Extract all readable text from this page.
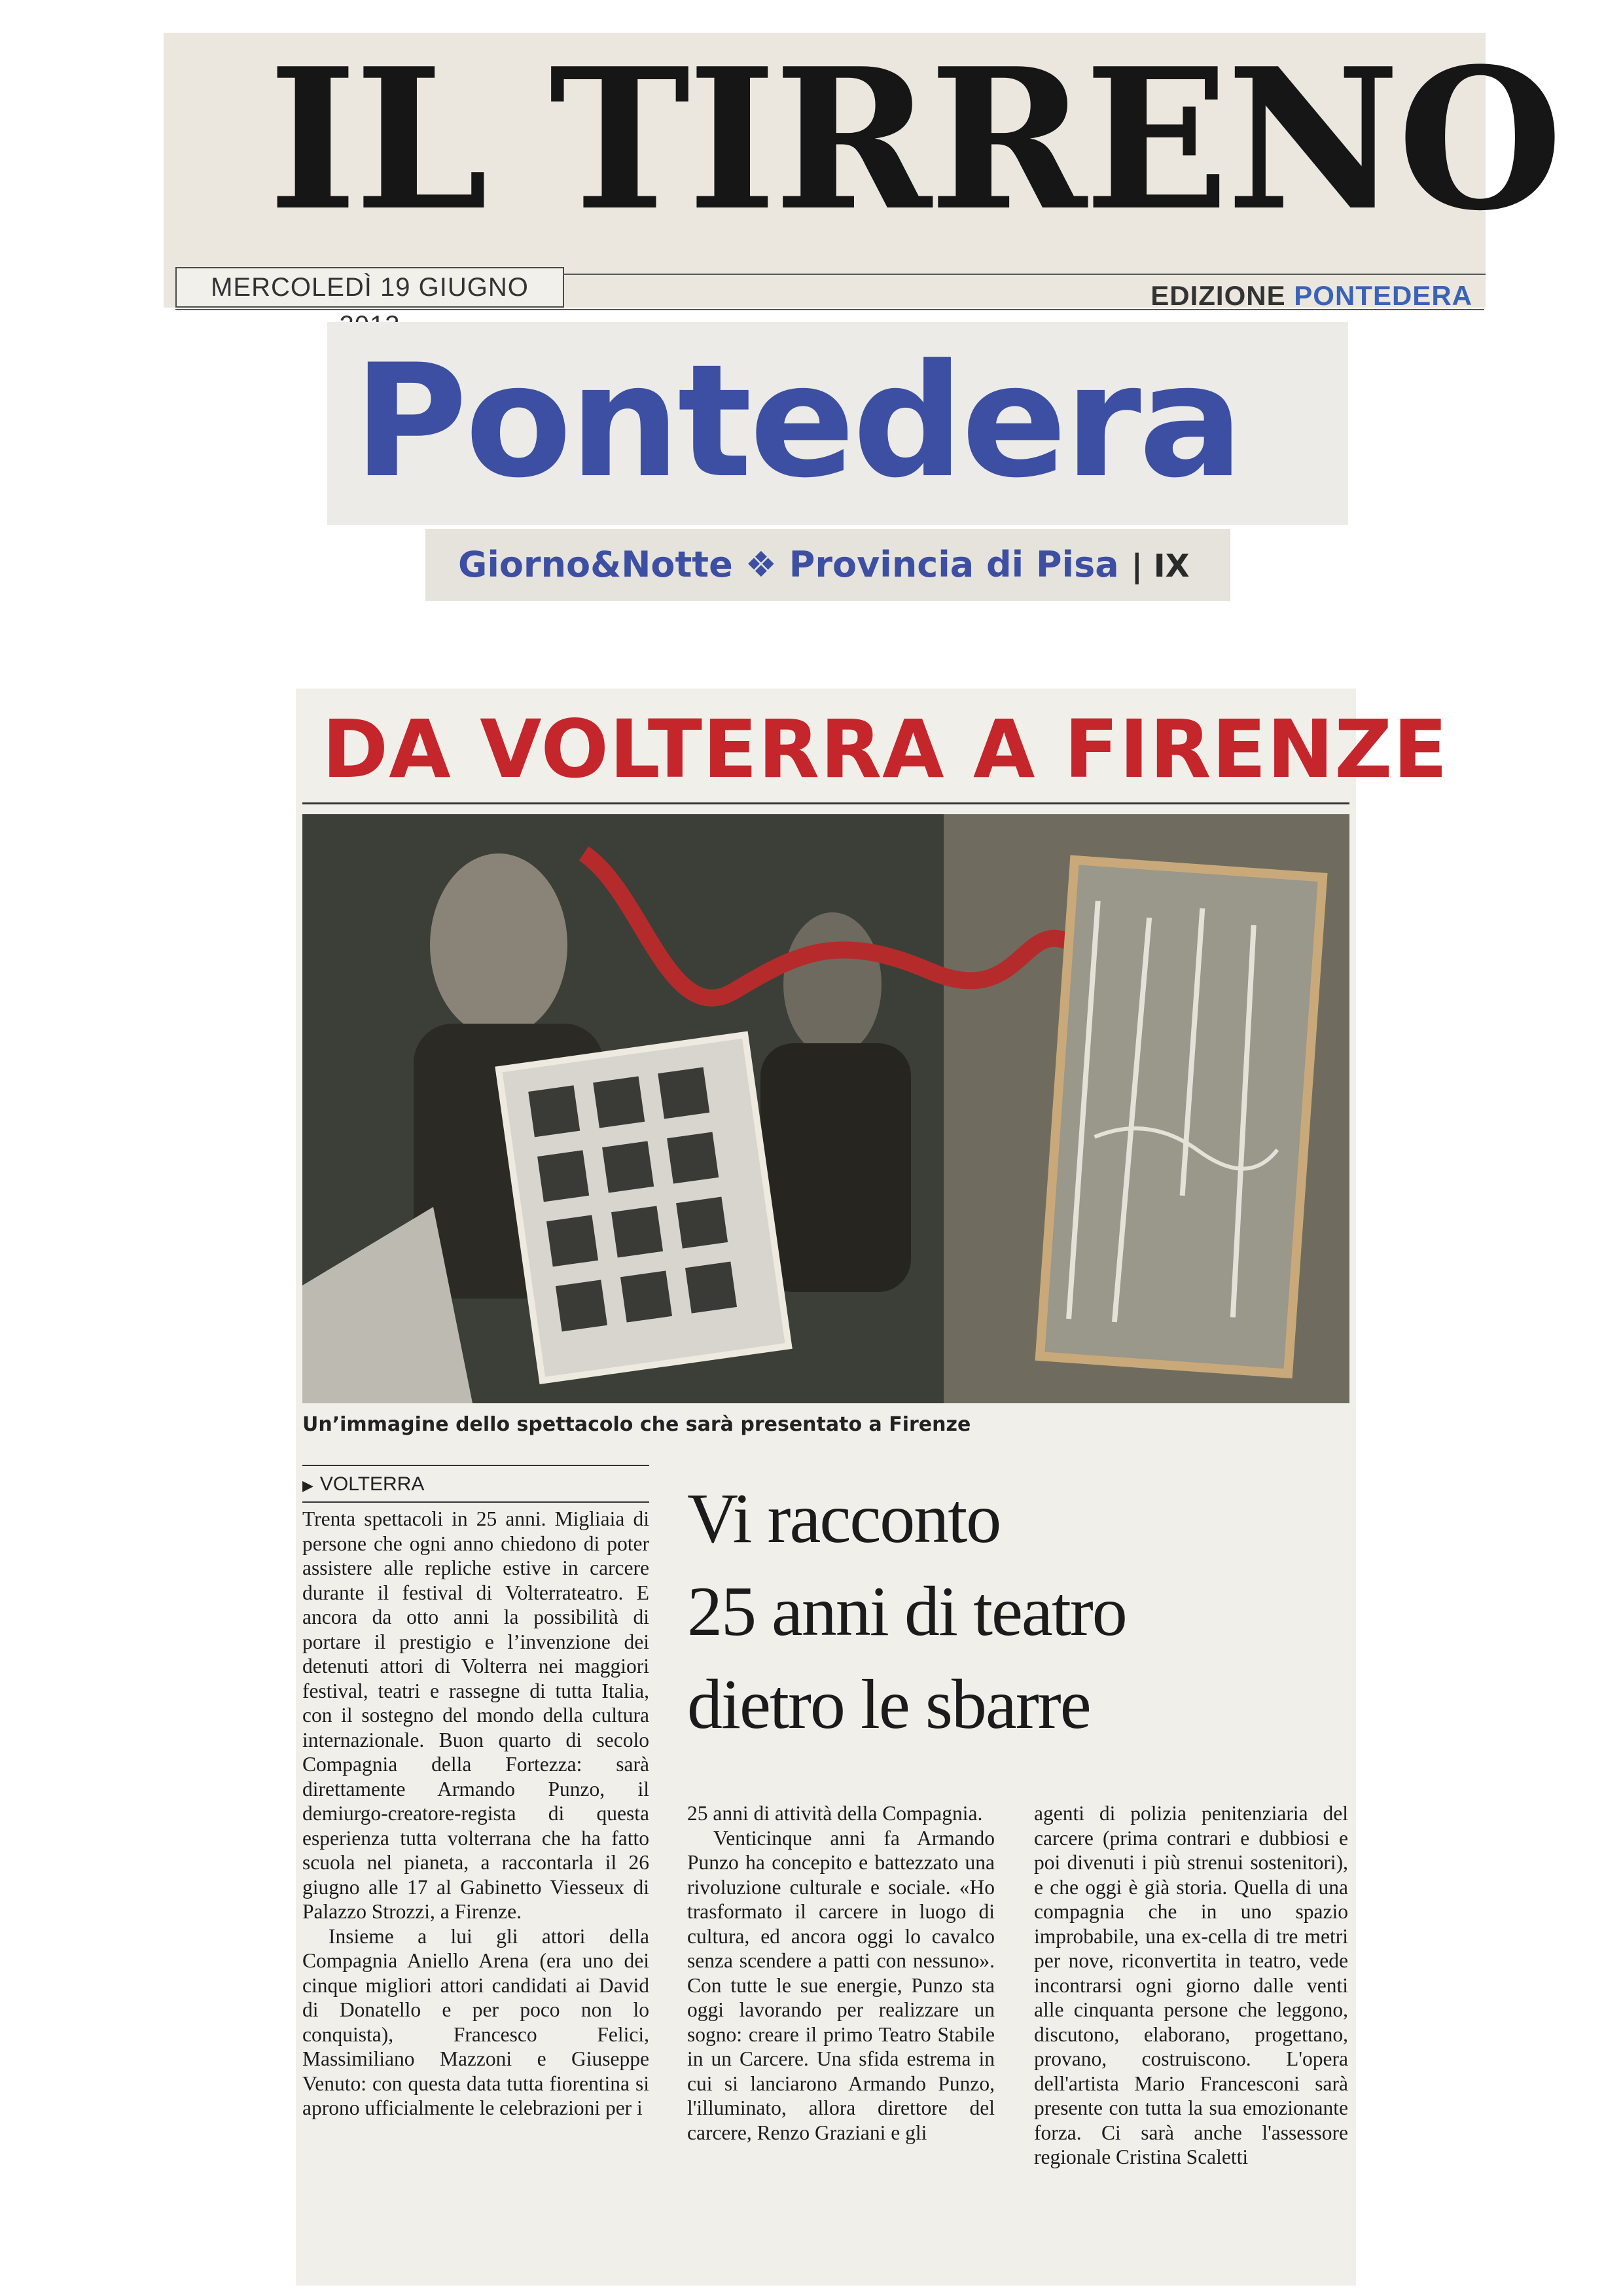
IL TIRRENO
MERCOLEDÌ 19 GIUGNO	EDIZIONE PONTEDERA
Pontedera
Giorno&Notte ❖ Provincia di Pisa | IX
DA VOLTERRA A FIRENZE
Un’immagine dello spettacolo che sarà presentato a Firenze
▶ VOLTERRA	Vi racconto
25 anni di teatro
dietro le sbarre

Trenta spettacoli in 25 anni. Migliaia di persone che ogni anno chiedono di poter assistere alle repliche estive in carcere durante il festival di Volterrateatro. E ancora da otto anni la possibilità di portare il prestigio e l’invenzione dei detenuti attori di Volterra nei maggiori festival, teatri e rassegne di tutta Italia, con il sostegno del mondo della cultura internazionale. Buon quarto di secolo Compagnia della Fortezza: sarà direttamente Armando Punzo, il demiurgo-creatore-regista di questa esperienza tutta volterrana che ha fatto scuola nel pianeta, a raccontarla il 26 giugno alle 17 al Gabinetto Viesseux di Palazzo Strozzi, a Firenze.

Insieme a lui gli attori della Compagnia Aniello Arena (era uno dei cinque migliori attori candidati ai David di Donatello e per poco non lo conquista), Francesco Felici, Massimiliano Mazzoni e Giuseppe Venuto: con questa data tutta fiorentina si aprono ufficialmente le celebrazioni per i

25 anni di attività della Compagnia.

Venticinque anni fa Armando Punzo ha concepito e battezzato una rivoluzione culturale e sociale. «Ho trasformato il carcere in luogo di cultura, ed ancora oggi lo cavalco senza scendere a patti con nessuno». Con tutte le sue energie, Punzo sta oggi lavorando per realizzare un sogno: creare il primo Teatro Stabile in un Carcere. Una sfida estrema in cui si lanciarono Armando Punzo, l'illuminato, allora direttore del carcere, Renzo Graziani e gli

agenti di polizia penitenziaria del carcere (prima contrari e dubbiosi e poi divenuti i più strenui sostenitori), e che oggi è già storia. Quella di una compagnia che in uno spazio improbabile, una ex-cella di tre metri per nove, riconvertita in teatro, vede incontrarsi ogni giorno dalle venti alle cinquanta persone che leggono, discutono, elaborano, progettano, provano, costruiscono. L'opera dell'artista Mario Francesconi sarà presente con tutta la sua emozionante forza. Ci sarà anche l'assessore regionale Cristina Scaletti
